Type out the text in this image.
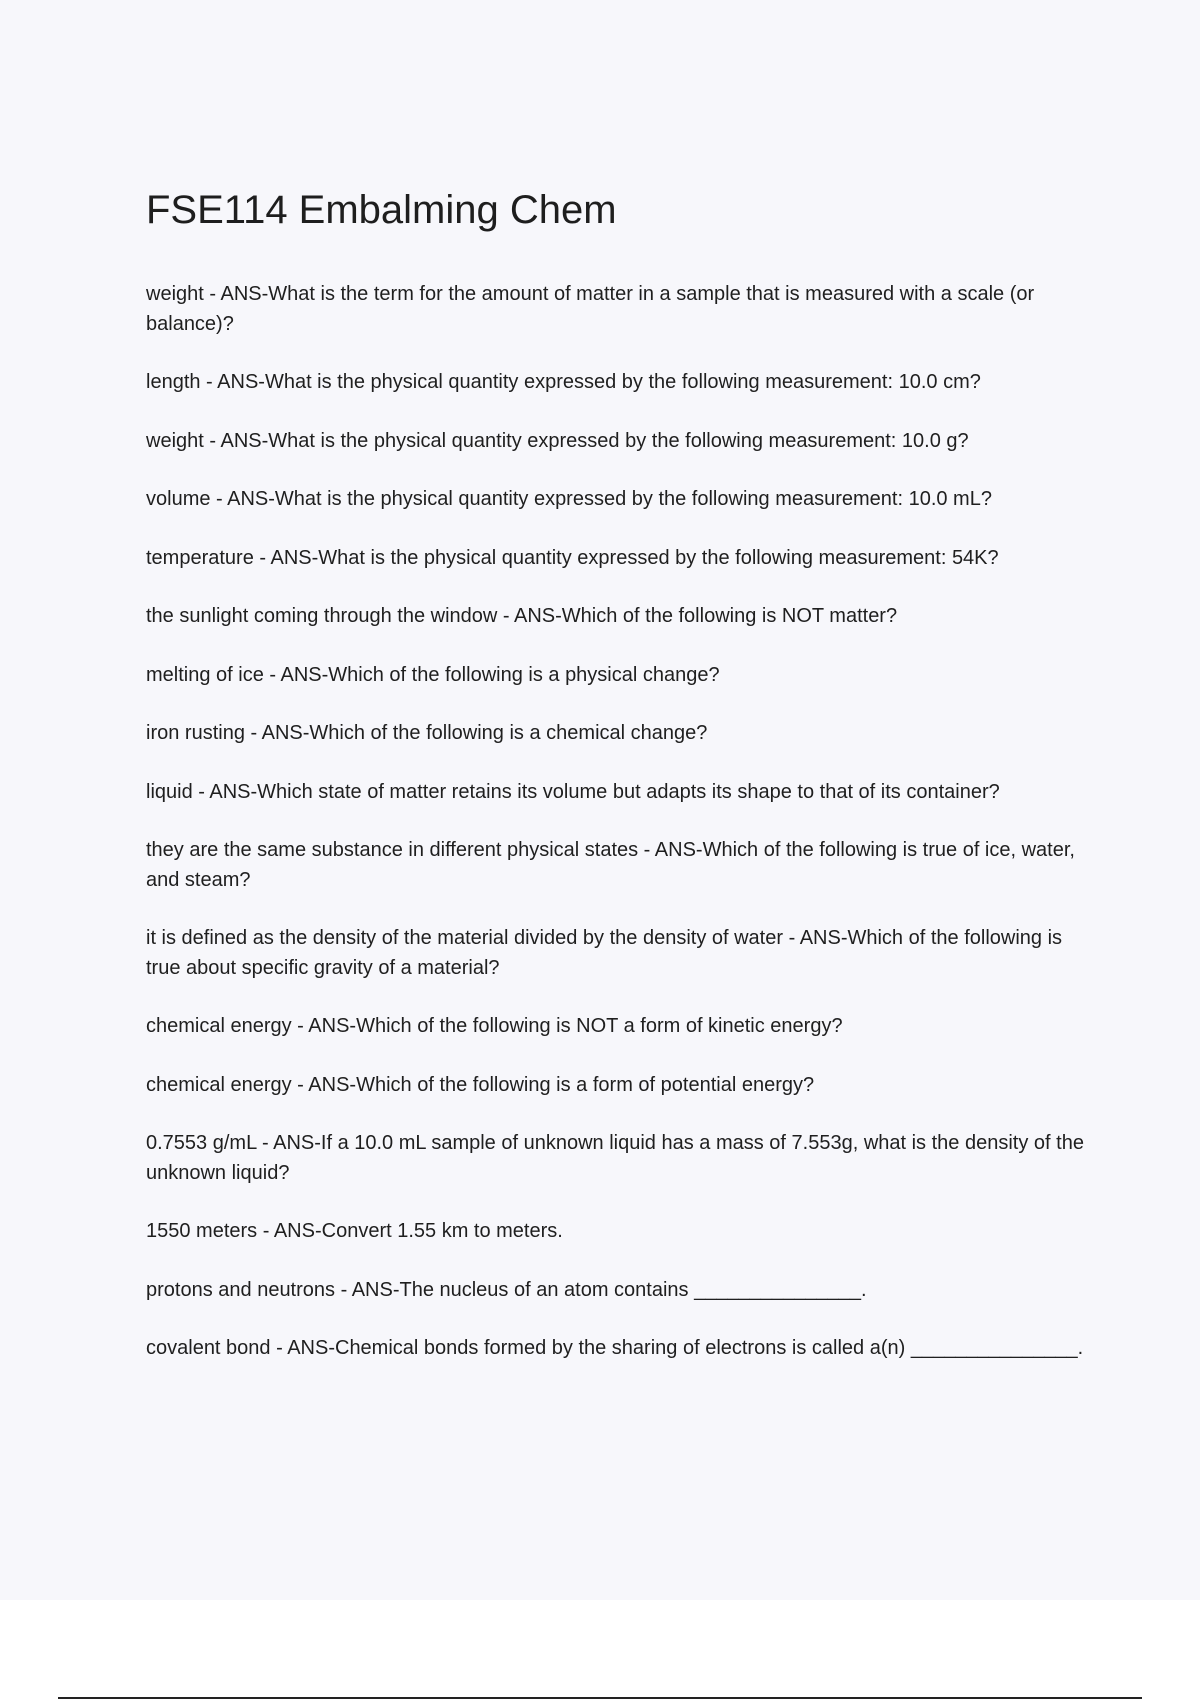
FSE114 Embalming Chem
weight - ANS-What is the term for the amount of matter in a sample that is measured with a scale (or balance)?
length - ANS-What is the physical quantity expressed by the following measurement: 10.0 cm?
weight - ANS-What is the physical quantity expressed by the following measurement: 10.0 g?
volume - ANS-What is the physical quantity expressed by the following measurement: 10.0 mL?
temperature - ANS-What is the physical quantity expressed by the following measurement: 54K?
the sunlight coming through the window - ANS-Which of the following is NOT matter?
melting of ice - ANS-Which of the following is a physical change?
iron rusting - ANS-Which of the following is a chemical change?
liquid - ANS-Which state of matter retains its volume but adapts its shape to that of its container?
they are the same substance in different physical states - ANS-Which of the following is true of ice, water, and steam?
it is defined as the density of the material divided by the density of water - ANS-Which of the following is true about specific gravity of a material?
chemical energy - ANS-Which of the following is NOT a form of kinetic energy?
chemical energy - ANS-Which of the following is a form of potential energy?
0.7553 g/mL - ANS-If a 10.0 mL sample of unknown liquid has a mass of 7.553g, what is the density of the unknown liquid?
1550 meters - ANS-Convert 1.55 km to meters.
protons and neutrons - ANS-The nucleus of an atom contains _______________.
covalent bond - ANS-Chemical bonds formed by the sharing of electrons is called a(n) _______________.
